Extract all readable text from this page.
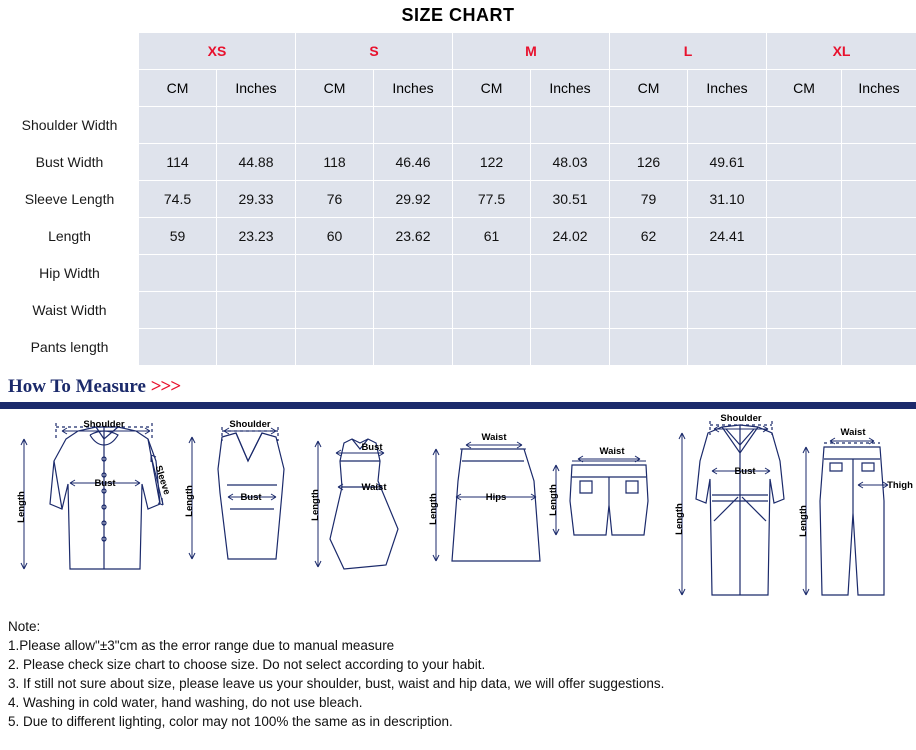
SIZE CHART
	XS		S		M		L		XL	
	CM	Inches	CM	Inches	CM	Inches	CM	Inches	CM	Inches
Shoulder Width										
Bust Width	114	44.88	118	46.46	122	48.03	126	49.61		
Sleeve Length	74.5	29.33	76	29.92	77.5	30.51	79	31.10		
Length	59	23.23	60	23.62	61	24.02	62	24.41		
Hip Width										
Waist Width										
Pants length										
How To Measure >>>
Shoulder
Bust
Length
Sleeve
Shoulder
Bust
Length
Bust
Waist
Length
Waist
Hips
Length
Waist
Length
Shoulder
Bust
Length
Waist
Thigh
Length
Note:
1.Please allow"±3"cm as the error range due to manual measure
2. Please check size chart to choose size. Do not select according to your habit.
3. If still not sure about size, please leave us your shoulder, bust, waist and hip data, we will offer suggestions.
4. Washing in cold water, hand washing, do not use bleach.
5. Due to different lighting, color may not 100% the same as in description.
